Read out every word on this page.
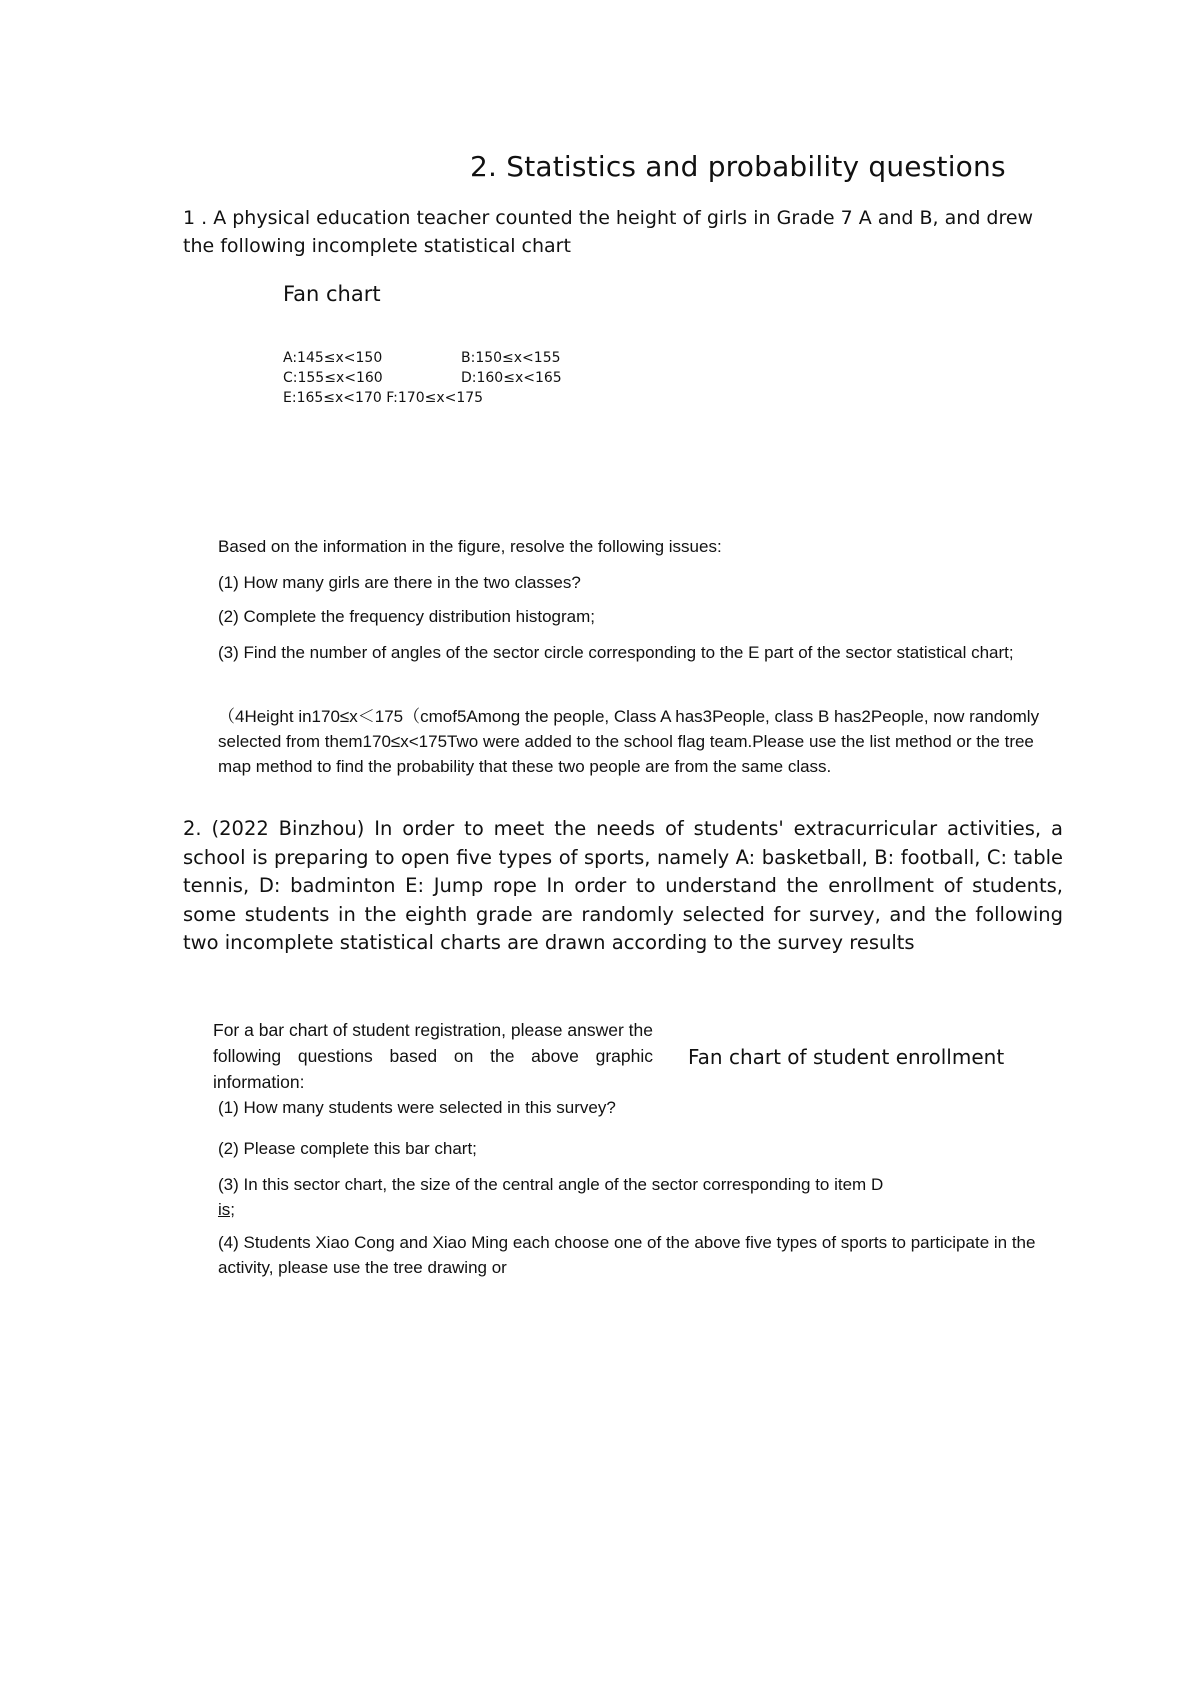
2. Statistics and probability questions

1 . A physical education teacher counted the height of girls in Grade 7 A and B, and drew the following incomplete statistical chart

Fan chart
A:145≤x<150	B:150≤x<155
C:155≤x<160	D:160≤x<165
E:165≤x<170 F:170≤x<175

Based on the information in the figure, resolve the following issues:

(1) How many girls are there in the two classes?

(2) Complete the frequency distribution histogram;

(3) Find the number of angles of the sector circle corresponding to the E part of the sector statistical chart;

（4Height in170≤x＜175（cmof5Among the people, Class A has3People, class B has2People, now randomly selected from them170≤x<175Two were added to the school flag team.Please use the list method or the tree map method to find the probability that these two people are from the same class.

2. (2022 Binzhou) In order to meet the needs of students' extracurricular activities, a school is preparing to open five types of sports, namely A: basketball, B: football, C: table tennis, D: badminton E: Jump rope In order to understand the enrollment of students, some students in the eighth grade are randomly selected for survey, and the following two incomplete statistical charts are drawn according to the survey results

For a bar chart of student registration, please answer the following questions based on the above graphic information:

Fan chart of student enrollment

(1) How many students were selected in this survey?

(2) Please complete this bar chart;

(3) In this sector chart, the size of the central angle of the sector corresponding to item D
is;

(4) Students Xiao Cong and Xiao Ming each choose one of the above five types of sports to participate in the activity, please use the tree drawing or
